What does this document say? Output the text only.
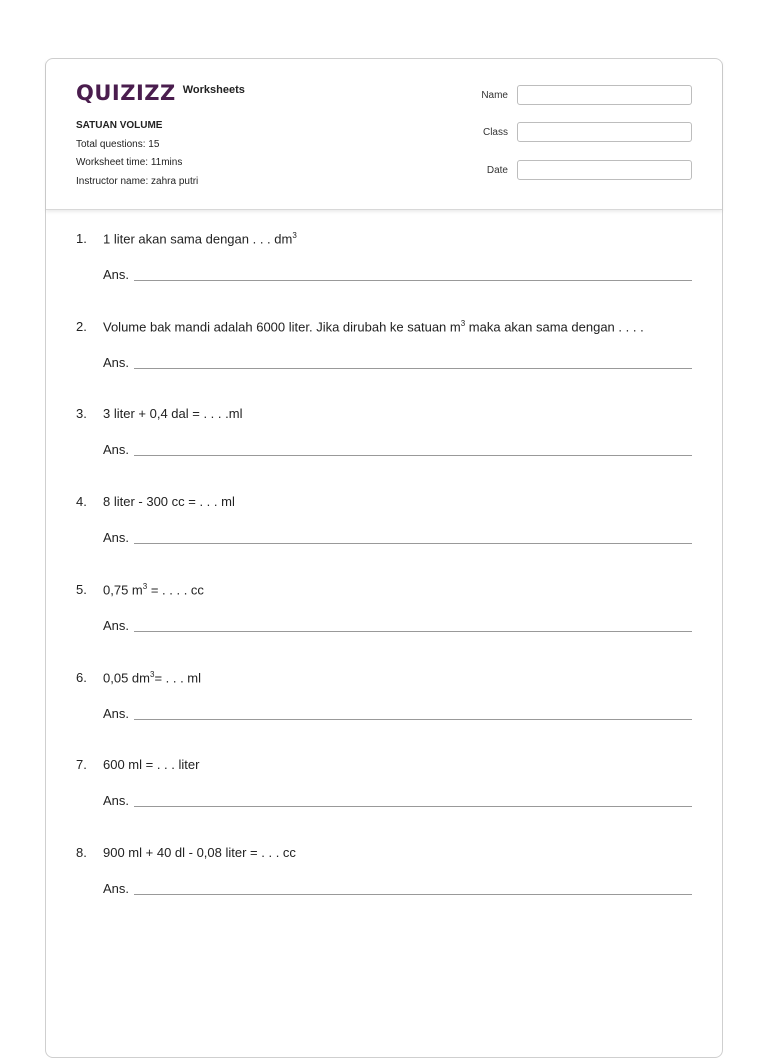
QUIZIZZ Worksheets
SATUAN VOLUME
Total questions: 15
Worksheet time: 11mins
Instructor name: zahra putri
Name
Class
Date
1. 1 liter akan sama dengan . . . $dm^3$
Ans.
2. Volume bak mandi adalah 6000 liter. Jika dirubah ke satuan $m^3$ maka akan sama dengan . . . .
Ans.
3. 3 liter + 0,4 dal = . . . .ml
Ans.
4. 8 liter - 300 cc = . . . ml
Ans.
5. 0,75 $m^3$ = . . . . cc
Ans.
6. 0,05 $dm^3=$ . . . ml
Ans.
7. 600 ml = . . . liter
Ans.
8. 900 ml + 40 dl - 0,08 liter = . . . cc
Ans.
